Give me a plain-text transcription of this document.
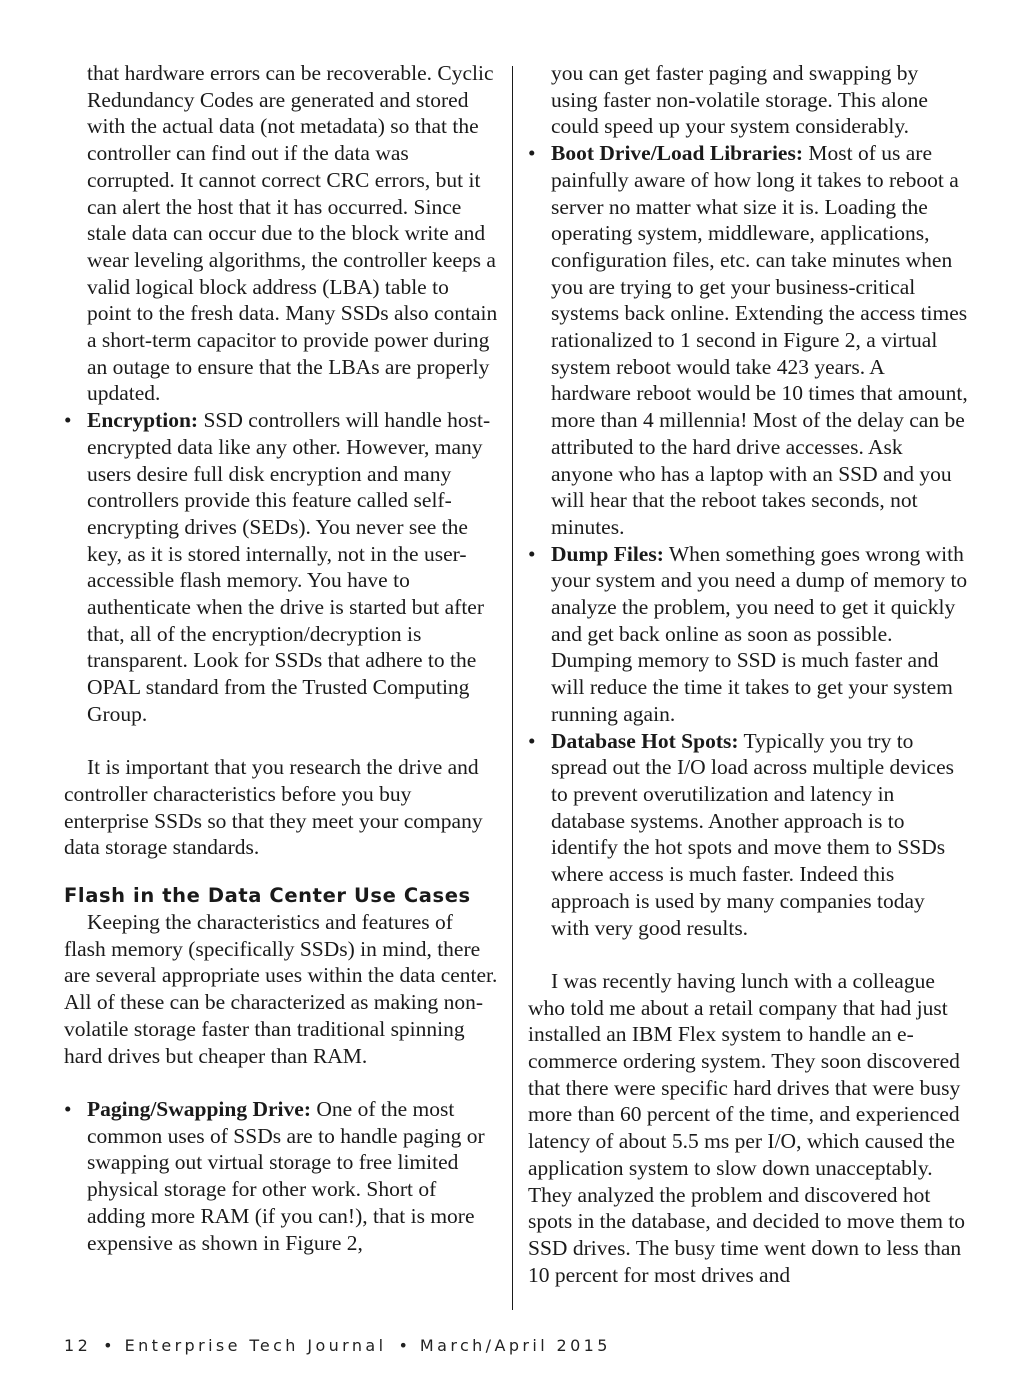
that hardware errors can be recoverable. Cyclic Redundancy Codes are generated and stored with the actual data (not metadata) so that the controller can find out if the data was corrupted. It cannot correct CRC errors, but it can alert the host that it has occurred. Since stale data can occur due to the block write and wear leveling algorithms, the controller keeps a valid logical block address (LBA) table to point to the fresh data. Many SSDs also contain a short-term capacitor to provide power during an outage to ensure that the LBAs are properly updated.

• Encryption: SSD controllers will handle host-encrypted data like any other. However, many users desire full disk encryption and many controllers provide this feature called self-encrypting drives (SEDs). You never see the key, as it is stored internally, not in the user-accessible flash memory. You have to authenticate when the drive is started but after that, all of the encryption/decryption is transparent. Look for SSDs that adhere to the OPAL standard from the Trusted Computing Group.

It is important that you research the drive and controller characteristics before you buy enterprise SSDs so that they meet your company data storage standards.

Flash in the Data Center Use Cases

Keeping the characteristics and features of flash memory (specifically SSDs) in mind, there are several appropriate uses within the data center. All of these can be characterized as making non-volatile storage faster than traditional spinning hard drives but cheaper than RAM.

• Paging/Swapping Drive: One of the most common uses of SSDs are to handle paging or swapping out virtual storage to free limited physical storage for other work. Short of adding more RAM (if you can!), that is more expensive as shown in Figure 2,

you can get faster paging and swapping by using faster non-volatile storage. This alone could speed up your system considerably.

• Boot Drive/Load Libraries: Most of us are painfully aware of how long it takes to reboot a server no matter what size it is. Loading the operating system, middleware, applications, configuration files, etc. can take minutes when you are trying to get your business-critical systems back online. Extending the access times rationalized to 1 second in Figure 2, a virtual system reboot would take 423 years. A hardware reboot would be 10 times that amount, more than 4 millennia! Most of the delay can be attributed to the hard drive accesses. Ask anyone who has a laptop with an SSD and you will hear that the reboot takes seconds, not minutes.
• Dump Files: When something goes wrong with your system and you need a dump of memory to analyze the problem, you need to get it quickly and get back online as soon as possible. Dumping memory to SSD is much faster and will reduce the time it takes to get your system running again.
• Database Hot Spots: Typically you try to spread out the I/O load across multiple devices to prevent overutilization and latency in database systems. Another approach is to identify the hot spots and move them to SSDs where access is much faster. Indeed this approach is used by many companies today with very good results.

I was recently having lunch with a colleague who told me about a retail company that had just installed an IBM Flex system to handle an e-commerce ordering system. They soon discovered that there were specific hard drives that were busy more than 60 percent of the time, and experienced latency of about 5.5 ms per I/O, which caused the application system to slow down unacceptably. They analyzed the problem and discovered hot spots in the database, and decided to move them to SSD drives. The busy time went down to less than 10 percent for most drives and

12 • Enterprise Tech Journal • March/April 2015
